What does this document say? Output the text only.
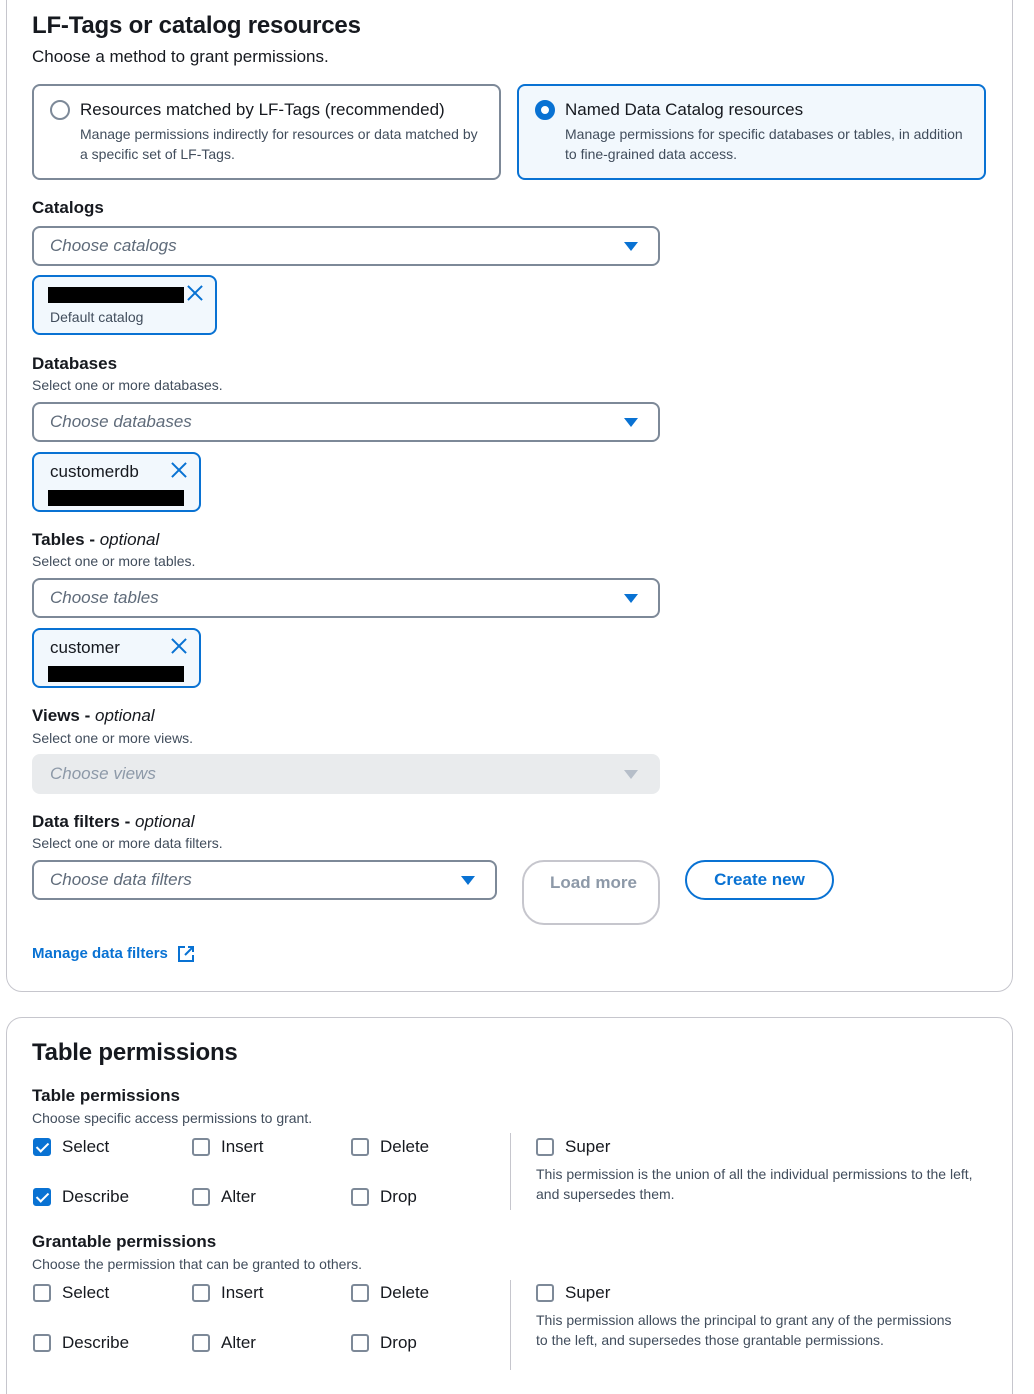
LF-Tags or catalog resources
Choose a method to grant permissions.
Resources matched by LF-Tags (recommended)
Manage permissions indirectly for resources or data matched by a specific set of LF-Tags.
Named Data Catalog resources
Manage permissions for specific databases or tables, in addition to fine-grained data access.
Catalogs
Choose catalogs
Default catalog
Databases
Select one or more databases.
Choose databases
customerdb
Tables - optional
Select one or more tables.
Choose tables
customer
Views - optional
Select one or more views.
Choose views
Data filters - optional
Select one or more data filters.
Choose data filters	Load more	Create new
Manage data filters
Table permissions
Table permissions
Choose specific access permissions to grant.
Select	Insert	Delete
Describe	Alter	Drop
Super
This permission is the union of all the individual permissions to the left, and supersedes them.
Grantable permissions
Choose the permission that can be granted to others.
Select	Insert	Delete
Describe	Alter	Drop
Super
This permission allows the principal to grant any of the permissions to the left, and supersedes those grantable permissions.
